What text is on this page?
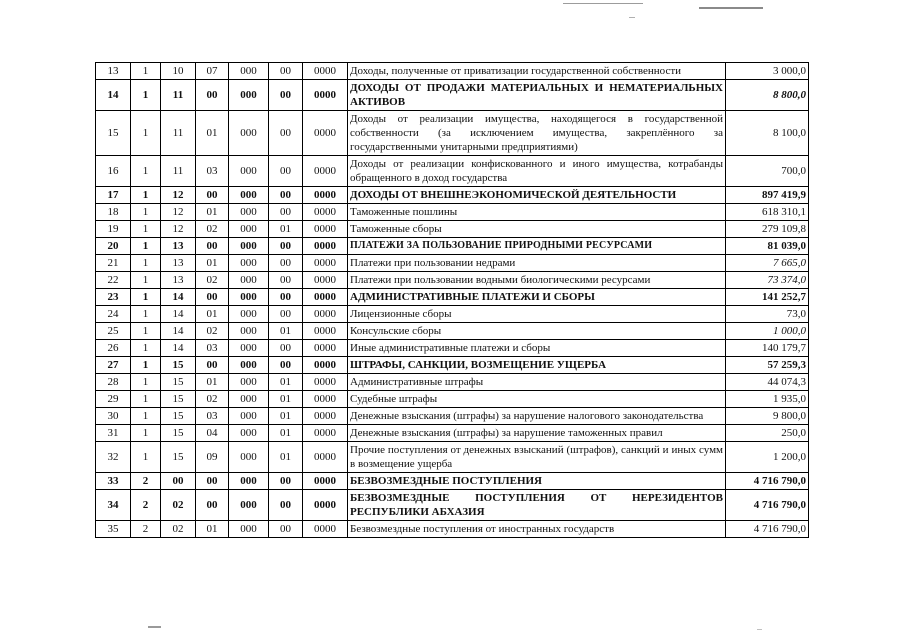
13	1	10	07	000	00	0000	Доходы, полученные от приватизации государственной собственности	3 000,0
14	1	11	00	000	00	0000	ДОХОДЫ ОТ ПРОДАЖИ МАТЕРИАЛЬНЫХ И НЕМАТЕРИАЛЬНЫХ АКТИВОВ	8 800,0
15	1	11	01	000	00	0000	Доходы от реализации имущества, находящегося в государственной собственности (за исключением имущества, закреплённого за государственными унитарными предприятиями)	8 100,0
16	1	11	03	000	00	0000	Доходы от реализации конфискованного и иного имущества, котрабанды обращенного в доход государства	700,0
17	1	12	00	000	00	0000	ДОХОДЫ ОТ ВНЕШНЕЭКОНОМИЧЕСКОЙ ДЕЯТЕЛЬНОСТИ	897 419,9
18	1	12	01	000	00	0000	Таможенные пошлины	618 310,1
19	1	12	02	000	01	0000	Таможенные сборы	279 109,8
20	1	13	00	000	00	0000	ПЛАТЕЖИ ЗА ПОЛЬЗОВАНИЕ ПРИРОДНЫМИ РЕСУРСАМИ	81 039,0
21	1	13	01	000	00	0000	Платежи при пользовании недрами	7 665,0
22	1	13	02	000	00	0000	Платежи при пользовании водными биологическими ресурсами	73 374,0
23	1	14	00	000	00	0000	АДМИНИСТРАТИВНЫЕ ПЛАТЕЖИ И СБОРЫ	141 252,7
24	1	14	01	000	00	0000	Лицензионные сборы	73,0
25	1	14	02	000	01	0000	Консульские сборы	1 000,0
26	1	14	03	000	00	0000	Иные административные платежи и сборы	140 179,7
27	1	15	00	000	00	0000	ШТРАФЫ, САНКЦИИ, ВОЗМЕЩЕНИЕ УЩЕРБА	57 259,3
28	1	15	01	000	01	0000	Административные штрафы	44 074,3
29	1	15	02	000	01	0000	Судебные штрафы	1 935,0
30	1	15	03	000	01	0000	Денежные взыскания (штрафы) за нарушение налогового законодательства	9 800,0
31	1	15	04	000	01	0000	Денежные взыскания (штрафы) за нарушение таможенных правил	250,0
32	1	15	09	000	01	0000	Прочие поступления от денежных взысканий (штрафов), санкций и иных сумм в возмещение ущерба	1 200,0
33	2	00	00	000	00	0000	БЕЗВОЗМЕЗДНЫЕ ПОСТУПЛЕНИЯ	4 716 790,0
34	2	02	00	000	00	0000	БЕЗВОЗМЕЗДНЫЕ ПОСТУПЛЕНИЯ ОТ НЕРЕЗИДЕНТОВ РЕСПУБЛИКИ АБХАЗИЯ	4 716 790,0
35	2	02	01	000	00	0000	Безвозмездные поступления от иностранных государств	4 716 790,0
